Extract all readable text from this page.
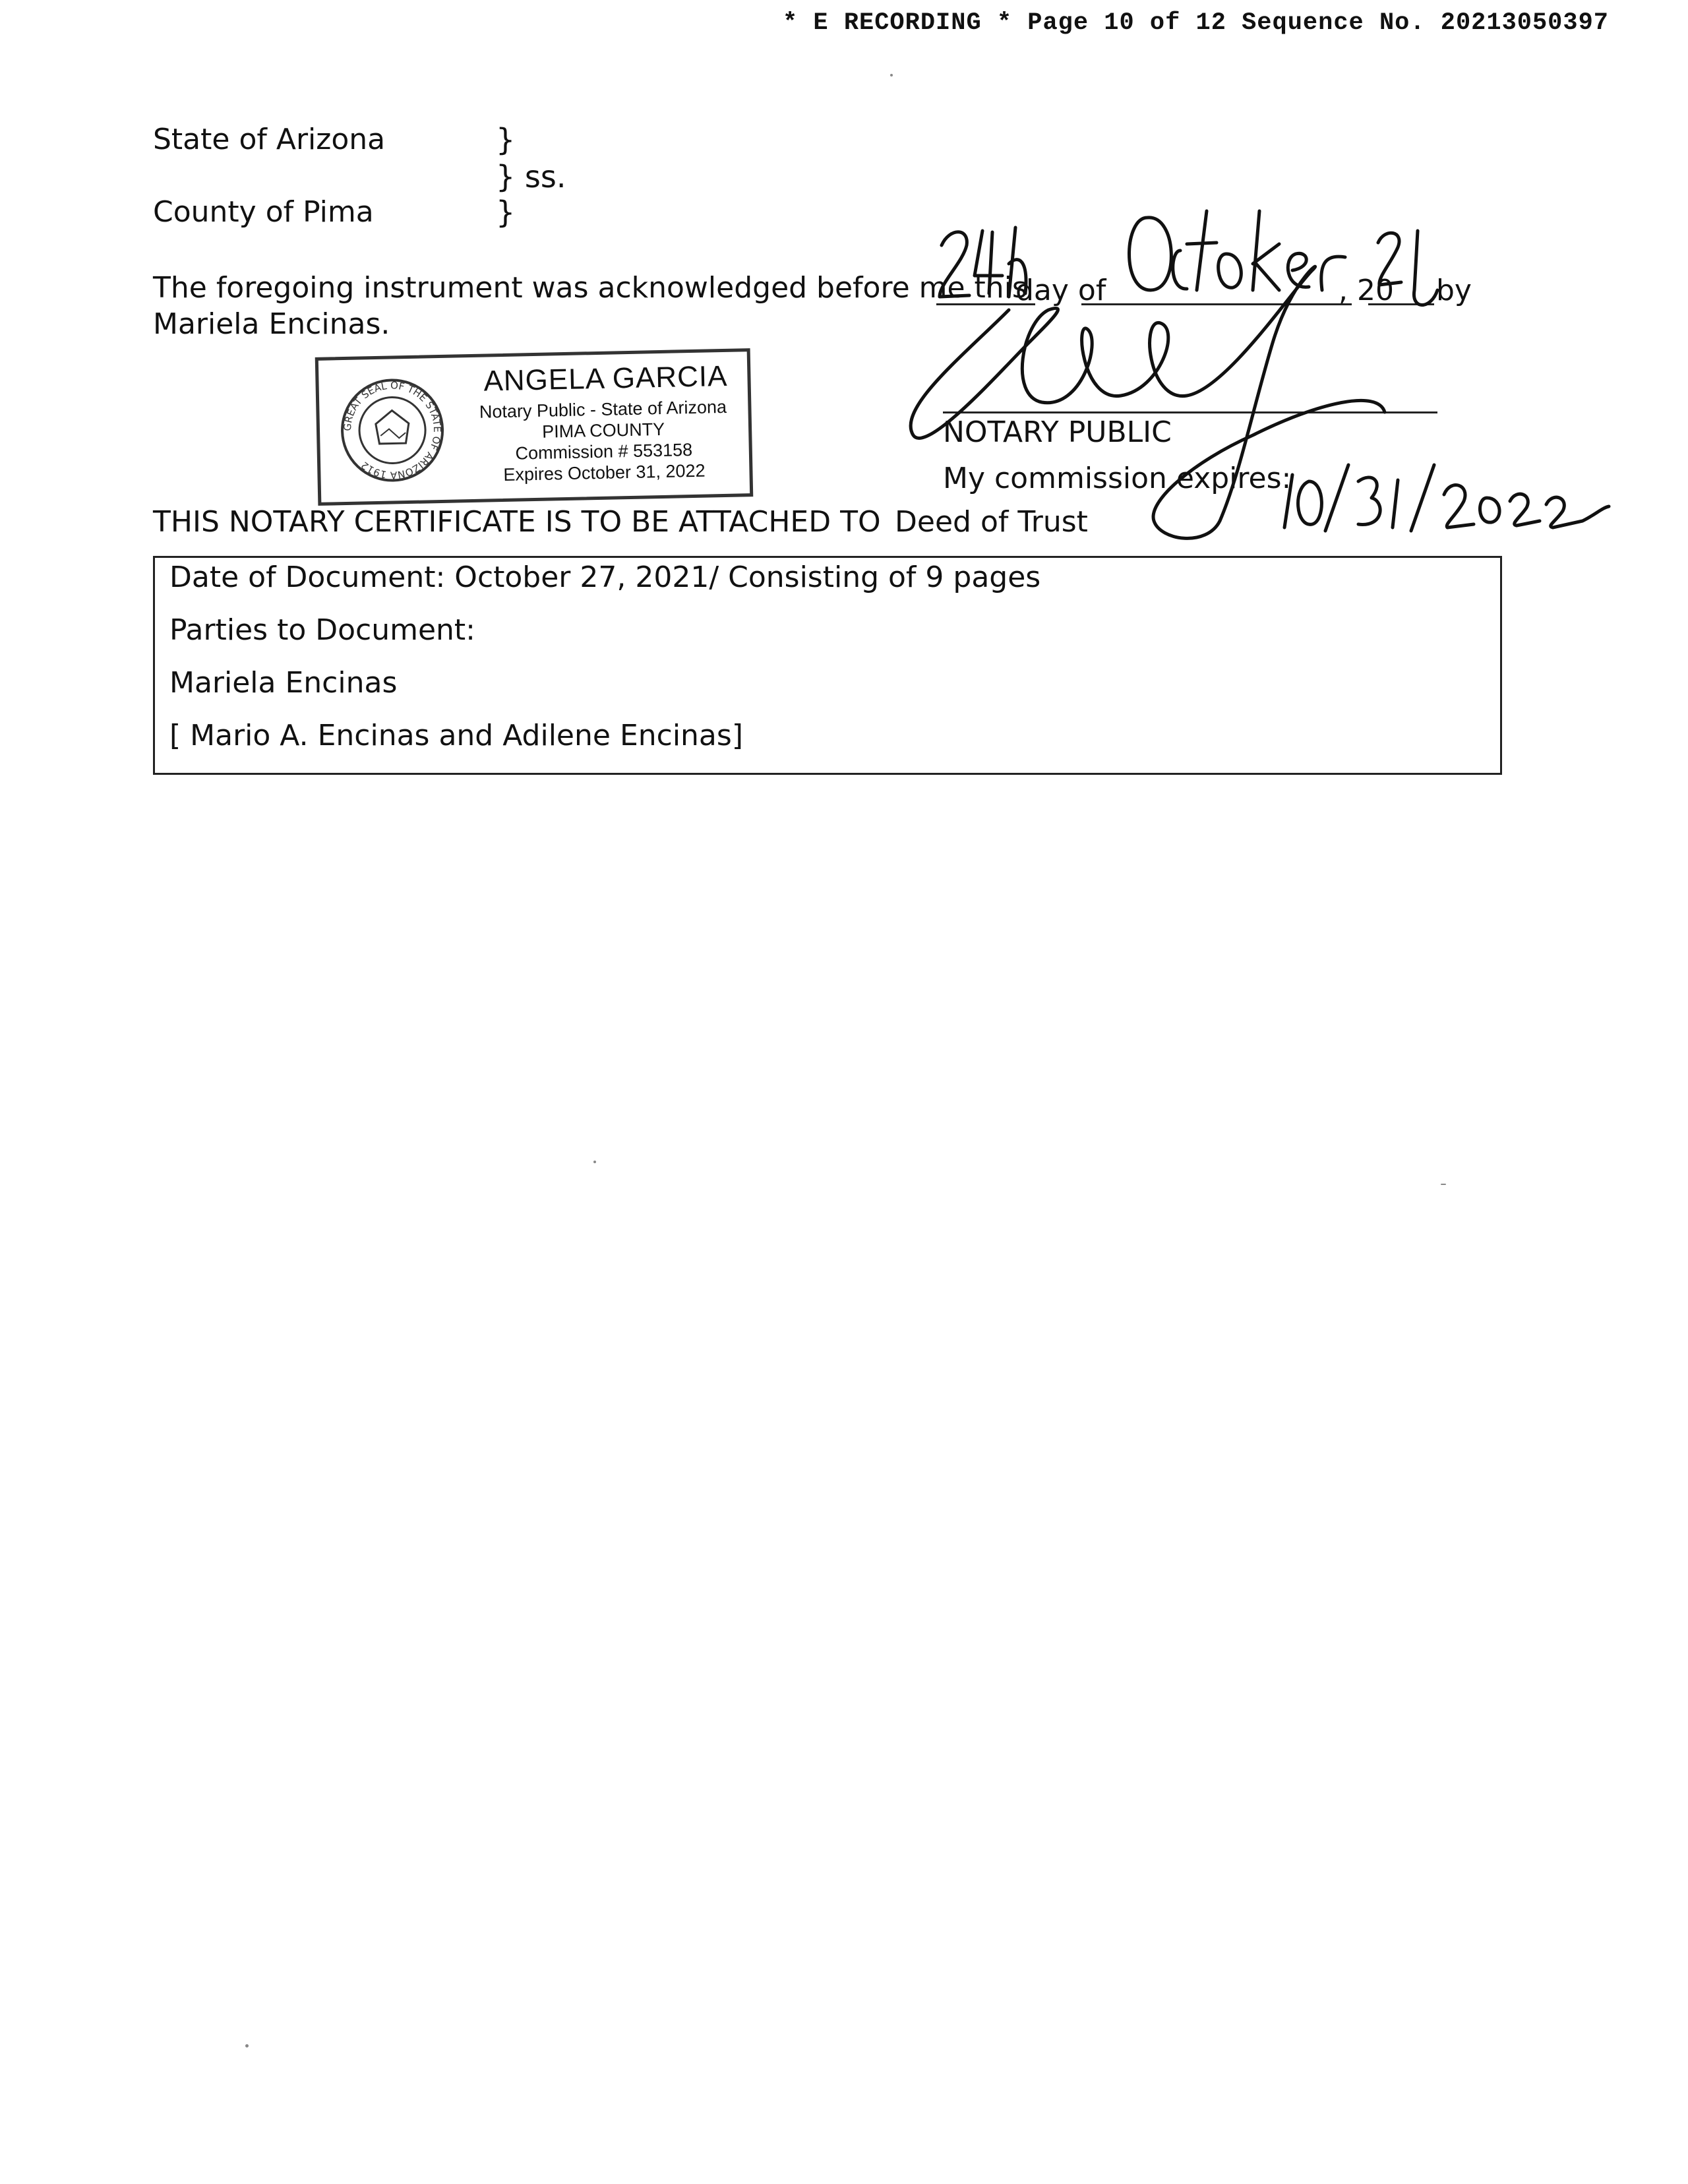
* E RECORDING * Page 10 of 12 Sequence No. 20213050397
State of Arizona
County of Pima
}
} ss.
}
The foregoing instrument was acknowledged before me this
day of	, 20 by
Mariela Encinas.
GREAT SEAL OF THE STATE OF ARIZONA 1912
ANGELA GARCIA
Notary Public - State of Arizona
PIMA COUNTY
Commission # 553158
Expires October 31, 2022
NOTARY PUBLIC
My commission expires:
THIS NOTARY CERTIFICATE IS TO BE ATTACHED TO Deed of Trust
Date of Document: October 27, 2021/ Consisting of 9 pages
Parties to Document:
Mariela Encinas
[ Mario A. Encinas and Adilene Encinas]
